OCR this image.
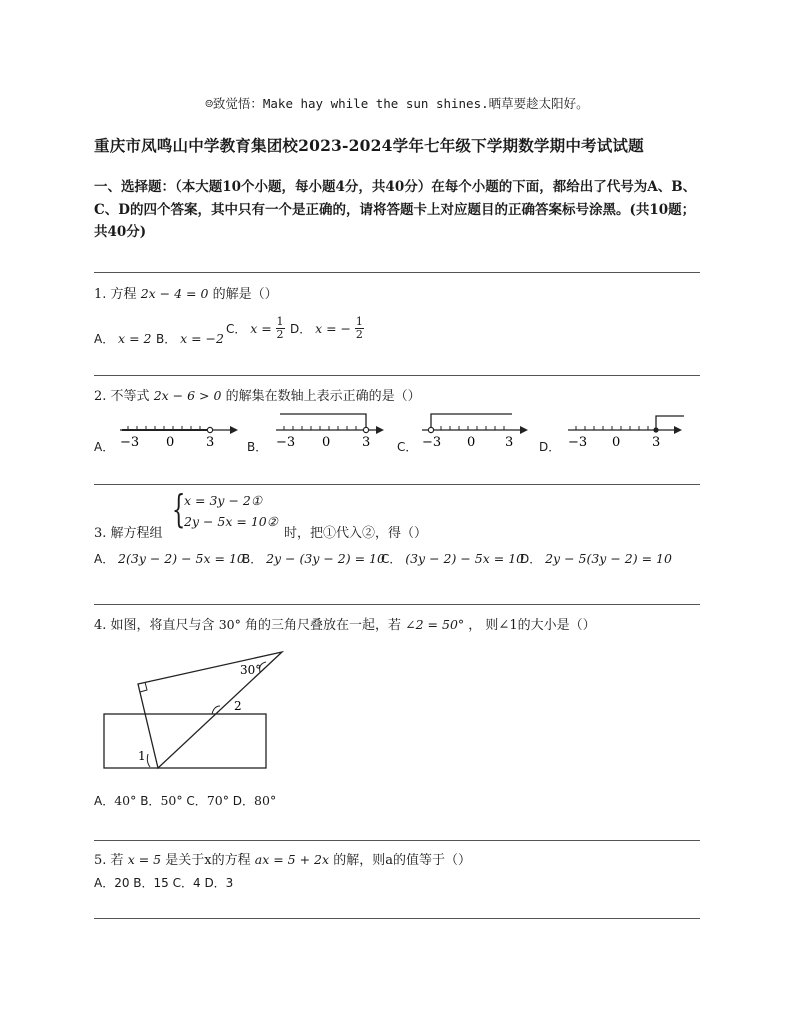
☺致觉悟：Make hay while the sun shines.晒草要趁太阳好。
重庆市凤鸣山中学教育集团校2023-2024学年七年级下学期数学期中考试试题
一、选择题：（本大题10个小题，每小题4分，共40分）在每个小题的下面，都给出了代号为A、B、C、D的四个答案，其中只有一个是正确的，请将答题卡上对应题目的正确答案标号涂黑。(共10题；共40分)
1. 方程 2x − 4 = 0 的解是（）
A． x = 2 B． x = −2
C． $x = \frac{1}{2}$ D． x = − $\frac{1}{2}$
2. 不等式 2x − 6 > 0 的解集在数轴上表示正确的是（）
A． −3 0 3	B． −3 0 3 C． −3 0 3 D． −3 0 3
3. 解方程组
{
x = 3y − 2①
2y − 5x = 10②
时，把①代入②，得（）
A． 2(3y − 2) − 5x = 10
B． 2y − (3y − 2) = 10
C． (3y − 2) − 5x = 10
D． 2y − 5(3y − 2) = 10
4. 如图，将直尺与含 30° 角的三角尺叠放在一起，若 ∠2 = 50° ， 则∠1的大小是（）
30°
2
1
A．40° B．50° C．70° D．80°
5. 若 x = 5 是关于x的方程 ax = 5 + 2x 的解，则a的值等于（）
A．20 B．15 C．4 D．3
